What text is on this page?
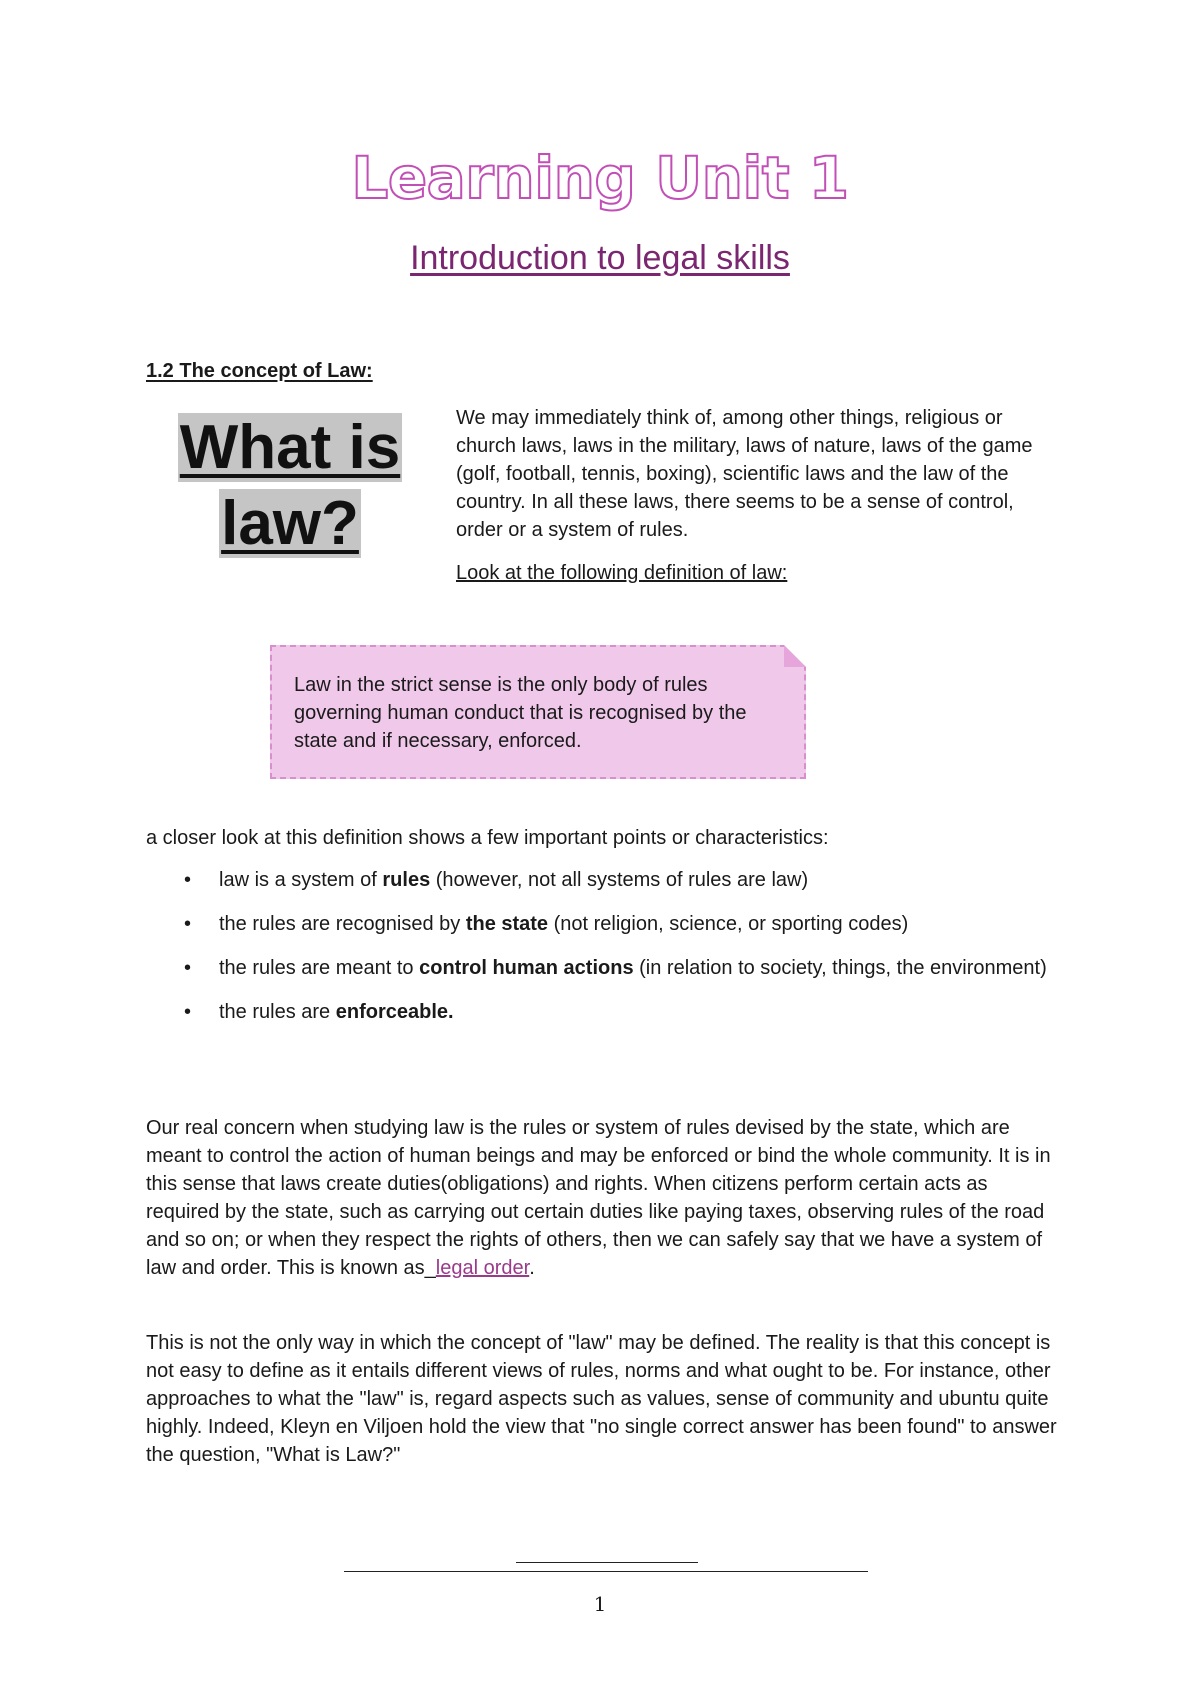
Learning Unit 1
Introduction to legal skills
1.2 The concept of Law:
What is
law?

We may immediately think of, among other things, religious or church laws, laws in the military, laws of nature, laws of the game (golf, football, tennis, boxing), scientific laws and the law of the country. In all these laws, there seems to be a sense of control, order or a system of rules.

Look at the following definition of law:
Law in the strict sense is the only body of rules governing human conduct that is recognised by the state and if necessary, enforced.
a closer look at this definition shows a few important points or characteristics:
• law is a system of rules (however, not all systems of rules are law)
• the rules are recognised by the state (not religion, science, or sporting codes)
• the rules are meant to control human actions (in relation to society, things, the environment)
• the rules are enforceable.
Our real concern when studying law is the rules or system of rules devised by the state, which are meant to control the action of human beings and may be enforced or bind the whole community. It is in this sense that laws create duties(obligations) and rights. When citizens perform certain acts as required by the state, such as carrying out certain duties like paying taxes, observing rules of the road and so on; or when they respect the rights of others, then we can safely say that we have a system of law and order. This is known as_legal order.
This is not the only way in which the concept of "law" may be defined. The reality is that this concept is not easy to define as it entails different views of rules, norms and what ought to be. For instance, other approaches to what the "law" is, regard aspects such as values, sense of community and ubuntu quite highly. Indeed, Kleyn en Viljoen hold the view that "no single correct answer has been found" to answer the question, "What is Law?"
1
